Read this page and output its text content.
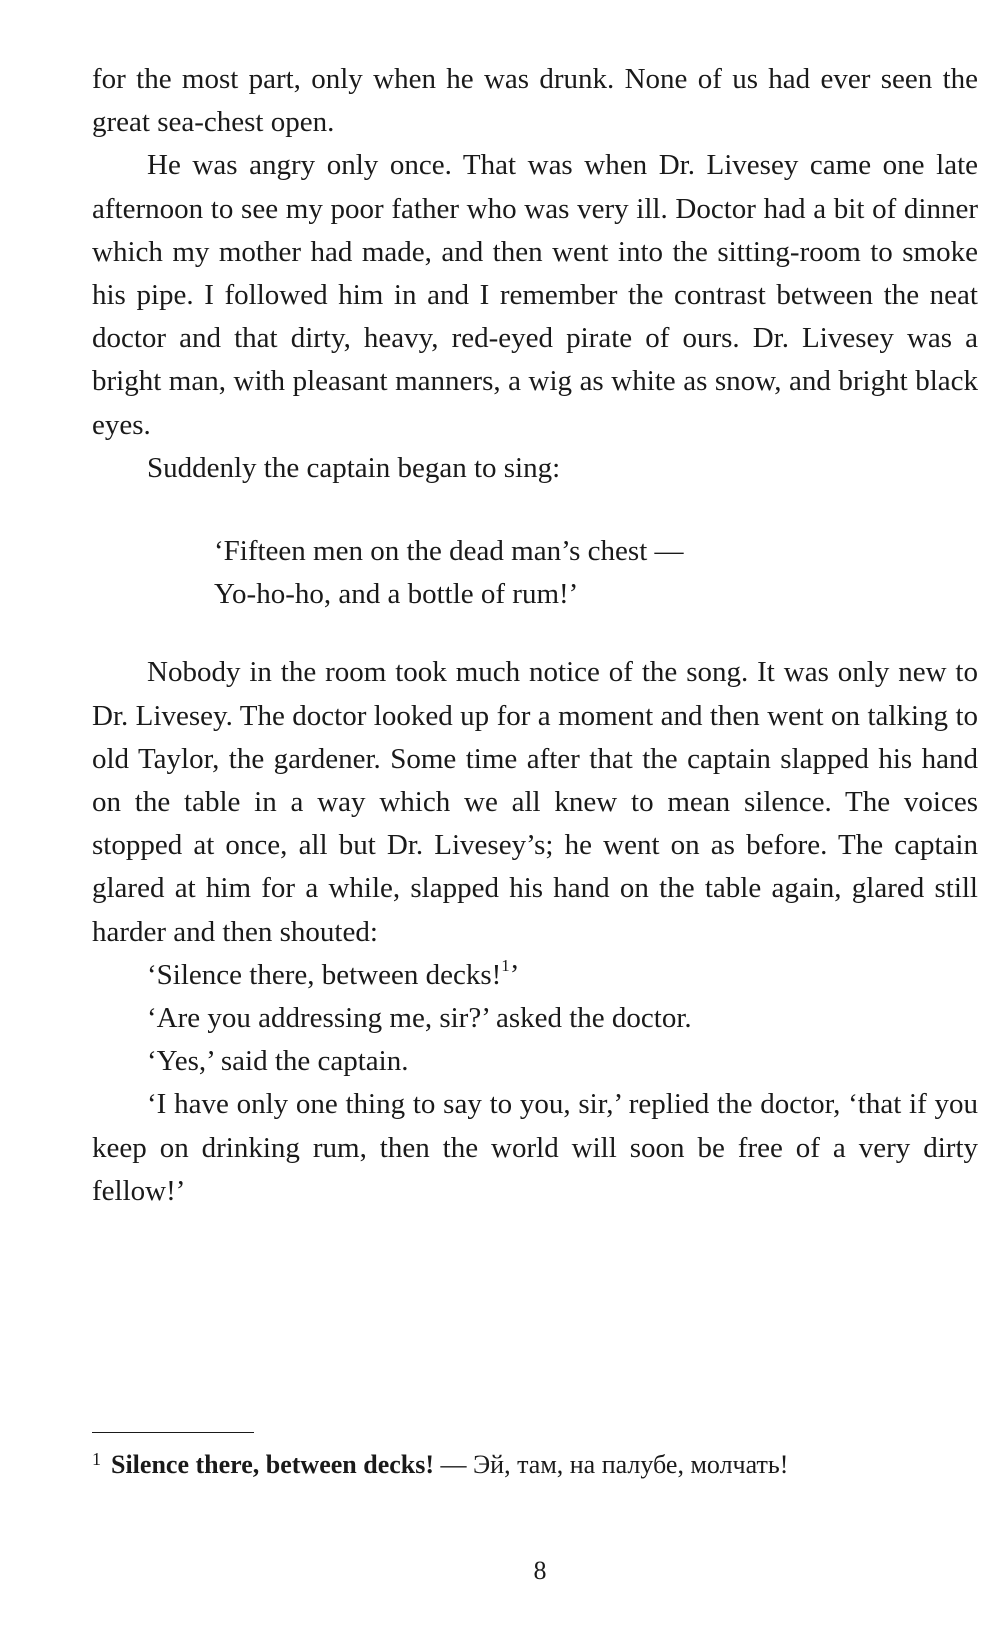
for the most part, only when he was drunk. None of us had ever seen the great sea-chest open.

He was angry only once. That was when Dr. Livesey came one late afternoon to see my poor father who was very ill. Doctor had a bit of dinner which my mother had made, and then went into the sitting-room to smoke his pipe. I followed him in and I remember the contrast between the neat doctor and that dirty, heavy, red-eyed pirate of ours. Dr. Livesey was a bright man, with pleasant manners, a wig as white as snow, and bright black eyes.

Suddenly the captain began to sing:

‘Fifteen men on the dead man’s chest —
Yo-ho-ho, and a bottle of rum!’

Nobody in the room took much notice of the song. It was only new to Dr. Livesey. The doctor looked up for a moment and then went on talking to old Taylor, the gardener. Some time after that the captain slapped his hand on the table in a way which we all knew to mean silence. The voices stopped at once, all but Dr. Livesey’s; he went on as before. The captain glared at him for a while, slapped his hand on the table again, glared still harder and then shouted:

‘Silence there, between decks!$^1$’

‘Are you addressing me, sir?’ asked the doctor.

‘Yes,’ said the captain.

‘I have only one thing to say to you, sir,’ replied the doctor, ‘that if you keep on drinking rum, then the world will soon be free of a very dirty fellow!’

$^1$ Silence there, between decks! — Эй, там, на палубе, молчать!
8
